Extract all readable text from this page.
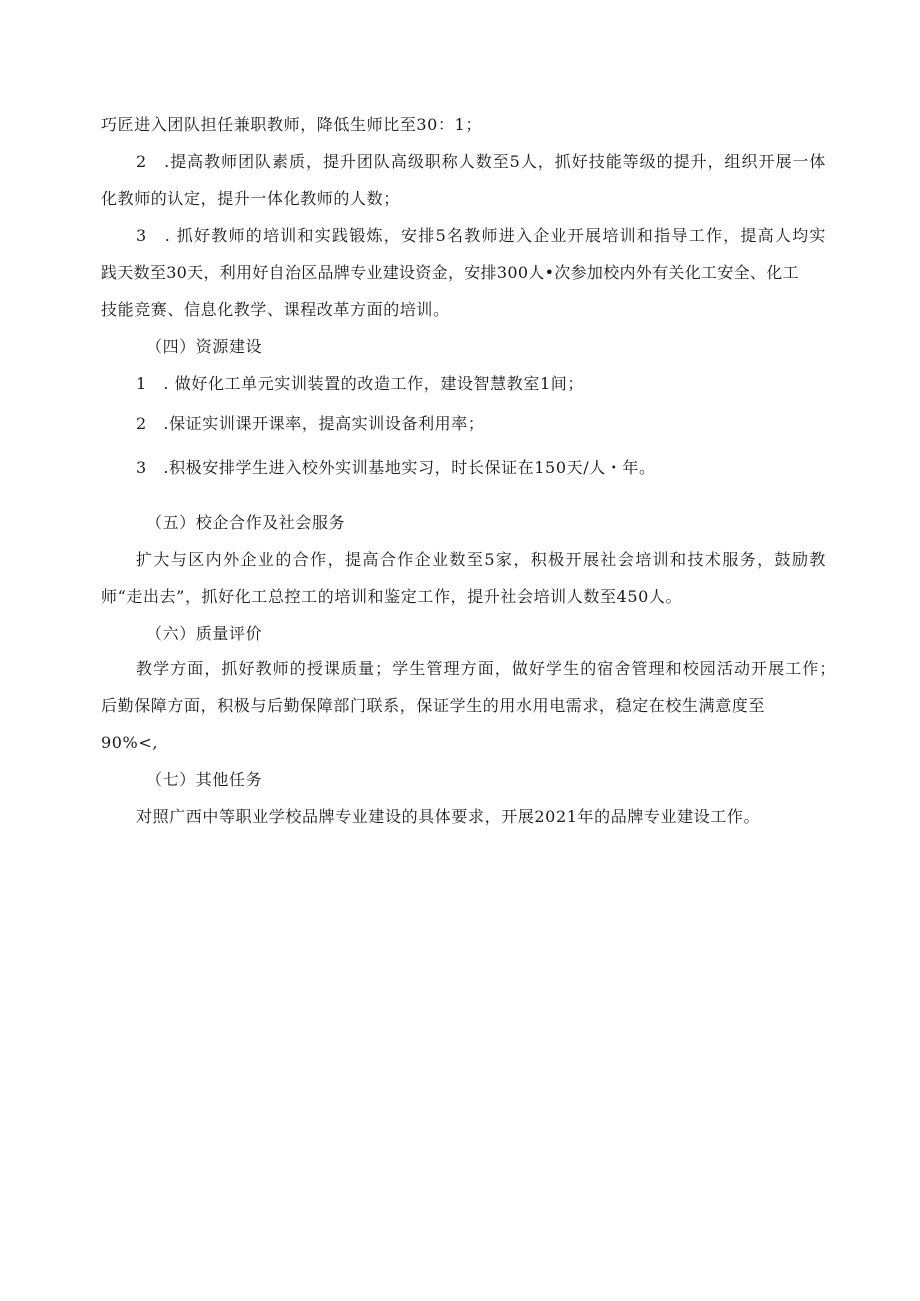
巧匠进入团队担任兼职教师，降低生师比至30：1；
2　.提高教师团队素质，提升团队高级职称人数至5人，抓好技能等级的提升，组织开展一体
化教师的认定，提升一体化教师的人数；
3　. 抓好教师的培训和实践锻炼，安排5名教师进入企业开展培训和指导工作，提高人均实
践天数至30天，利用好自治区品牌专业建设资金，安排300人•次参加校内外有关化工安全、化工
技能竞赛、信息化教学、课程改革方面的培训。
（四）资源建设
1　. 做好化工单元实训装置的改造工作，建设智慧教室1间；
2　.保证实训课开课率，提高实训设备利用率；
3　.积极安排学生进入校外实训基地实习，时长保证在150天/人・年。
（五）校企合作及社会服务
扩大与区内外企业的合作，提高合作企业数至5家，积极开展社会培训和技术服务，鼓励教
师“走出去”，抓好化工总控工的培训和鉴定工作，提升社会培训人数至450人。
（六）质量评价
教学方面，抓好教师的授课质量；学生管理方面，做好学生的宿舍管理和校园活动开展工作；
后勤保障方面，积极与后勤保障部门联系，保证学生的用水用电需求，稳定在校生满意度至
90%<,
（七）其他任务
对照广西中等职业学校品牌专业建设的具体要求，开展2021年的品牌专业建设工作。
